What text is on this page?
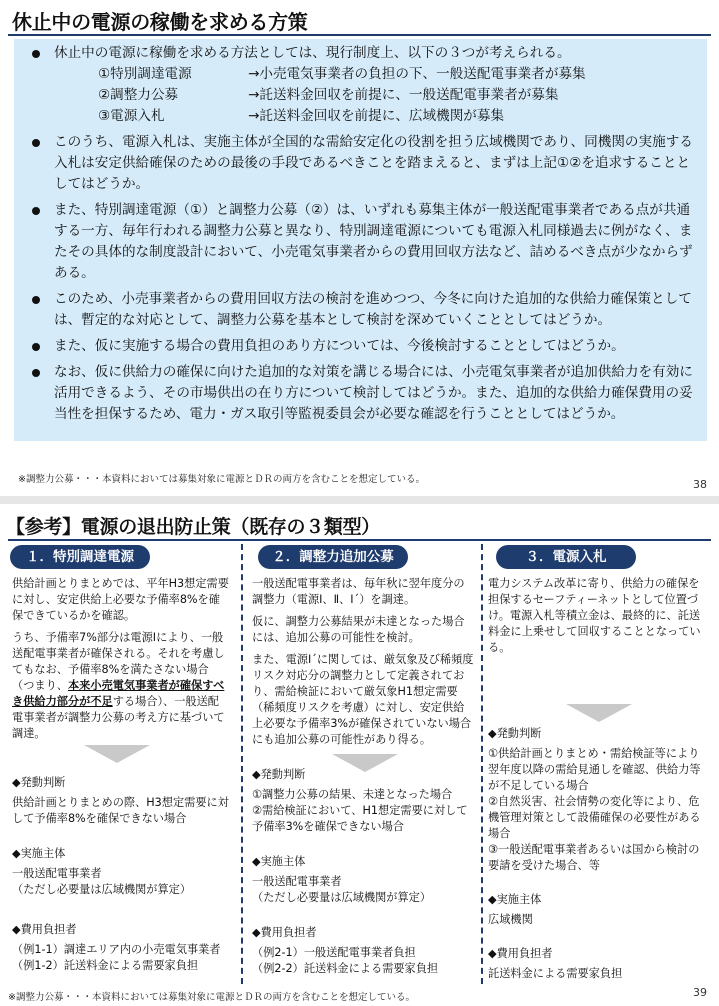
休止中の電源の稼働を求める方策
休止中の電源に稼働を求める方法としては、現行制度上、以下の３つが考えられる。
①特別調達電源	→小売電気事業者の負担の下、一般送配電事業者が募集
②調整力公募	→託送料金回収を前提に、一般送配電事業者が募集
③電源入札	→託送料金回収を前提に、広域機関が募集
このうち、電源入札は、実施主体が全国的な需給安定化の役割を担う広域機関であり、同機関の実施する入札は安定供給確保のための最後の手段であるべきことを踏まえると、まずは上記①②を追求することとしてはどうか。
また、特別調達電源（①）と調整力公募（②）は、いずれも募集主体が一般送配電事業者である点が共通する一方、毎年行われる調整力公募と異なり、特別調達電源についても電源入札同様過去に例がなく、またその具体的な制度設計において、小売電気事業者からの費用回収方法など、詰めるべき点が少なからずある。
このため、小売事業者からの費用回収方法の検討を進めつつ、今冬に向けた追加的な供給力確保策としては、暫定的な対応として、調整力公募を基本として検討を深めていくこととしてはどうか。
また、仮に実施する場合の費用負担のあり方については、今後検討することとしてはどうか。
なお、仮に供給力の確保に向けた追加的な対策を講じる場合には、小売電気事業者が追加供給力を有効に活用できるよう、その市場供出の在り方について検討してはどうか。また、追加的な供給力確保費用の妥当性を担保するため、電力・ガス取引等監視委員会が必要な確認を行うこととしてはどうか。
※調整力公募・・・本資料においては募集対象に電源とＤＲの両方を含むことを想定している。	38
【参考】電源の退出防止策（既存の３類型）
１．特別調達電源	２．調整力追加公募	３．電源入札

供給計画とりまとめでは、平年H3想定需要に対し、安定供給上必要な予備率8%を確保できているかを確認。

うち、予備率7%部分は電源Ⅰにより、一般送配電事業者が確保される。それを考慮してもなお、予備率8%を満たさない場合（つまり、本来小売電気事業者が確保すべき供給力部分が不足する場合）、一般送配電事業者が調整力公募の考え方に基づいて調達。

◆発動判断
供給計画とりまとめの際、H3想定需要に対して予備率8%を確保できない場合
◆実施主体
一般送配電事業者
（ただし必要量は広域機関が算定）
◆費用負担者
（例1-1）調達エリア内の小売電気事業者
（例1-2）託送料金による需要家負担

一般送配電事業者は、毎年秋に翌年度分の調整力（電源Ⅰ、Ⅱ、Ⅰ´）を調達。

仮に、調整力公募結果が未達となった場合には、追加公募の可能性を検討。

また、電源Ⅰ´に関しては、厳気象及び稀頻度リスク対応分の調整力として定義されており、需給検証において厳気象H1想定需要（稀頻度リスクを考慮）に対し、安定供給上必要な予備率3%が確保されていない場合にも追加公募の可能性があり得る。

◆発動判断
①調整力公募の結果、未達となった場合
②需給検証において、H1想定需要に対して予備率3%を確保できない場合
◆実施主体
一般送配電事業者
（ただし必要量は広域機関が算定）
◆費用負担者
（例2-1）一般送配電事業者負担
（例2-2）託送料金による需要家負担

電力システム改革に寄り、供給力の確保を担保するセーフティーネットとして位置づけ。電源入札等積立金は、最終的に、託送料金に上乗せして回収することとなっている。

◆発動判断
①供給計画とりまとめ・需給検証等により翌年度以降の需給見通しを確認、供給力等が不足している場合
②自然災害、社会情勢の変化等により、危機管理対策として設備確保の必要性がある場合
③一般送配電事業者あるいは国から検討の要請を受けた場合、等
◆実施主体
広域機関
◆費用負担者
託送料金による需要家負担
※調整力公募・・・本資料においては募集対象に電源とＤＲの両方を含むことを想定している。	39
